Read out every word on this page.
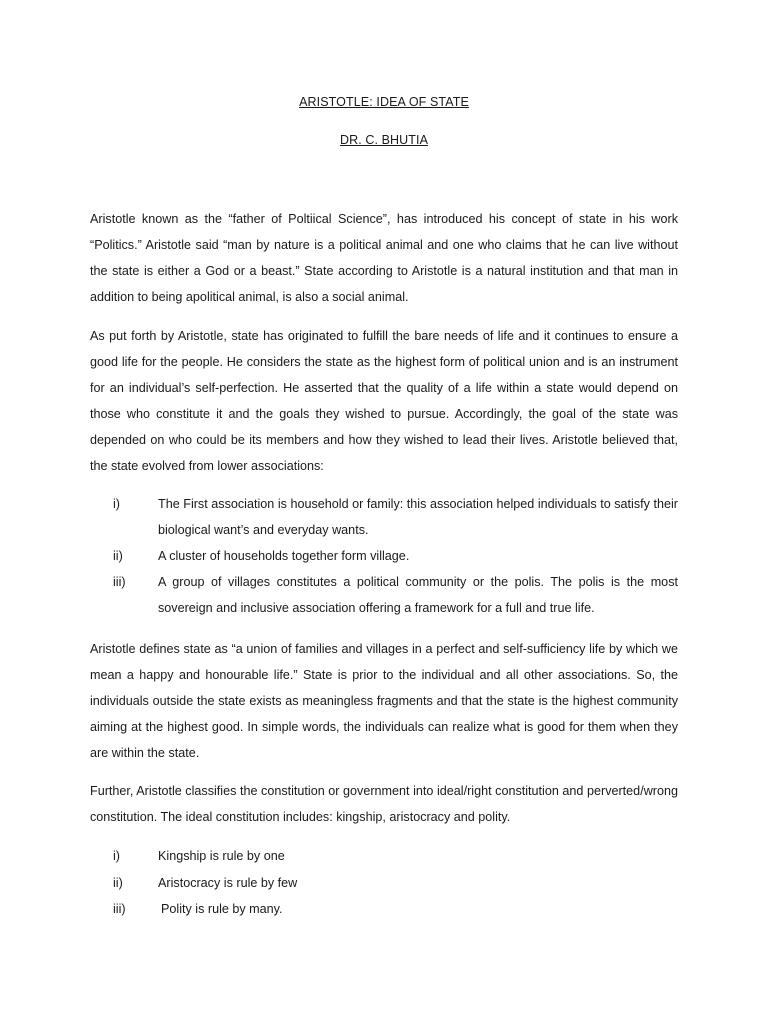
ARISTOTLE: IDEA OF STATE
DR. C. BHUTIA

Aristotle known as the “father of Poltiical Science”, has introduced his concept of state in his work “Politics.” Aristotle said “man by nature is a political animal and one who claims that he can live without the state is either a God or a beast.” State according to Aristotle is a natural institution and that man in addition to being apolitical animal, is also a social animal.

As put forth by Aristotle, state has originated to fulfill the bare needs of life and it continues to ensure a good life for the people. He considers the state as the highest form of political union and is an instrument for an individual’s self-perfection. He asserted that the quality of a life within a state would depend on those who constitute it and the goals they wished to pursue. Accordingly, the goal of the state was depended on who could be its members and how they wished to lead their lives. Aristotle believed that, the state evolved from lower associations:

i)	The First association is household or family: this association helped individuals to satisfy their biological want’s and everyday wants.
ii)	A cluster of households together form village.
iii)	A group of villages constitutes a political community or the polis. The polis is the most sovereign and inclusive association offering a framework for a full and true life.

Aristotle defines state as “a union of families and villages in a perfect and self-sufficiency life by which we mean a happy and honourable life.” State is prior to the individual and all other associations. So, the individuals outside the state exists as meaningless fragments and that the state is the highest community aiming at the highest good. In simple words, the individuals can realize what is good for them when they are within the state.

Further, Aristotle classifies the constitution or government into ideal/right constitution and perverted/wrong constitution. The ideal constitution includes: kingship, aristocracy and polity.

i)	Kingship is rule by one
ii)	Aristocracy is rule by few
iii)	Polity is rule by many.
